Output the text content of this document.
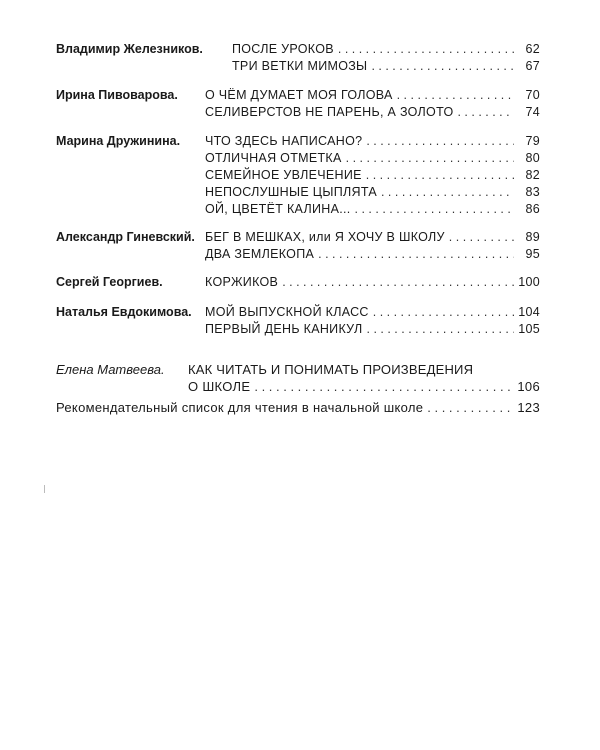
Владимир Железников. ПОСЛЕ УРОКОВ . . .	62
ТРИ ВЕТКИ МИМОЗЫ . . .	67
Ирина Пивоварова. О ЧЁМ ДУМАЕТ МОЯ ГОЛОВА . . .	70
СЕЛИВЕРСТОВ НЕ ПАРЕНЬ, А ЗОЛОТО . . .	74
Марина Дружинина. ЧТО ЗДЕСЬ НАПИСАНО? . . .	79
ОТЛИЧНАЯ ОТМЕТКА . . .	80
СЕМЕЙНОЕ УВЛЕЧЕНИЕ . . .	82
НЕПОСЛУШНЫЕ ЦЫПЛЯТА . . .	83
ОЙ, ЦВЕТЁТ КАЛИНА... . . .	86
Александр Гиневский. БЕГ В МЕШКАХ, или Я ХОЧУ В ШКОЛУ . . .	89
ДВА ЗЕМЛЕКОПА . . .	95
Сергей Георгиев.	КОРЖИКОВ . . .	100
Наталья Евдокимова. МОЙ ВЫПУСКНОЙ КЛАСС . . .	104
ПЕРВЫЙ ДЕНЬ КАНИКУЛ . . .	105
Елена Матвеева. КАК ЧИТАТЬ И ПОНИМАТЬ ПРОИЗВЕДЕНИЯ
О ШКОЛЕ . . .	106
Рекомендательный список для чтения в начальной школе . . .	123
